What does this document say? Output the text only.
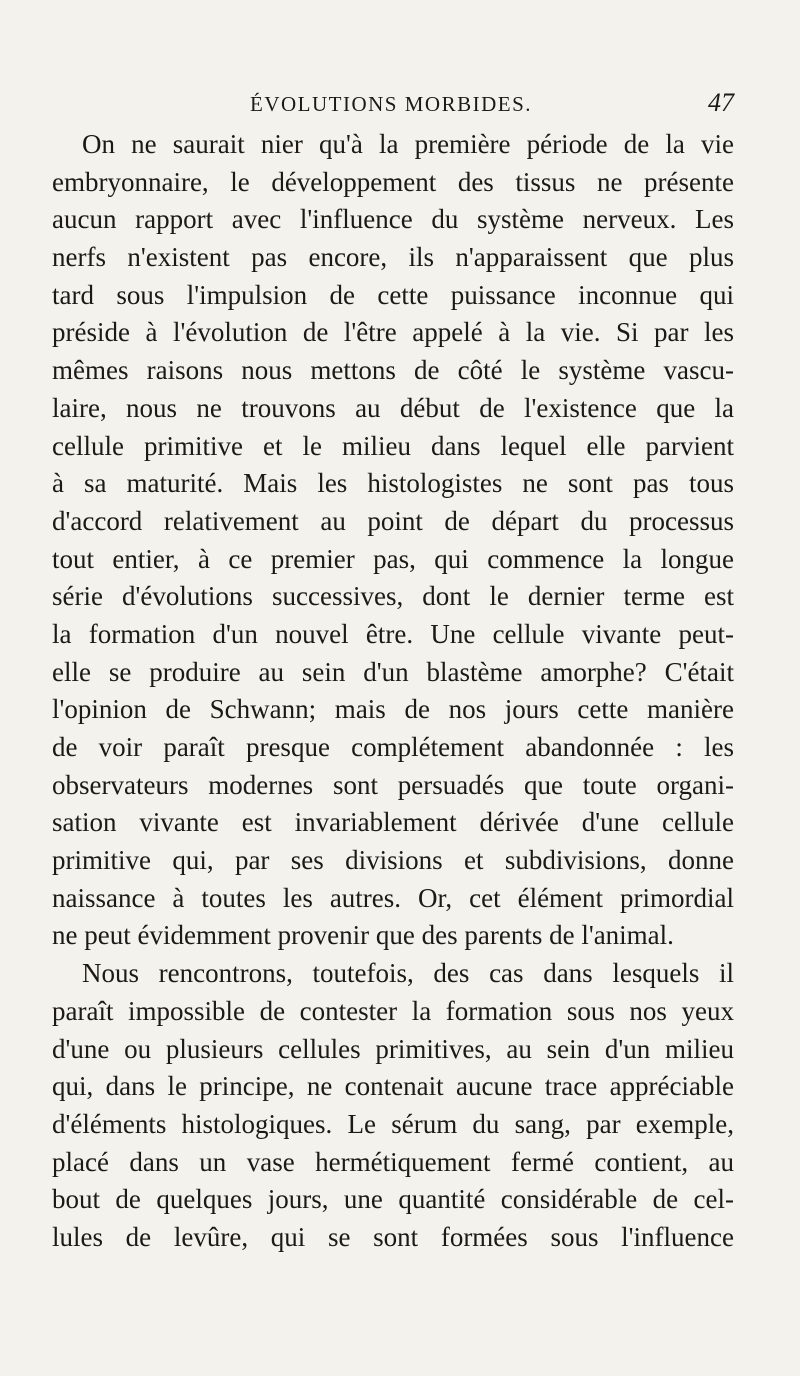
ÉVOLUTIONS MORBIDES.	47
On ne saurait nier qu'à la première période de la vie
embryonnaire, le développement des tissus ne présente
aucun rapport avec l'influence du système nerveux. Les
nerfs n'existent pas encore, ils n'apparaissent que plus
tard sous l'impulsion de cette puissance inconnue qui
préside à l'évolution de l'être appelé à la vie. Si par les
mêmes raisons nous mettons de côté le système vascu-
laire, nous ne trouvons au début de l'existence que la
cellule primitive et le milieu dans lequel elle parvient
à sa maturité. Mais les histologistes ne sont pas tous
d'accord relativement au point de départ du processus
tout entier, à ce premier pas, qui commence la longue
série d'évolutions successives, dont le dernier terme est
la formation d'un nouvel être. Une cellule vivante peut-
elle se produire au sein d'un blastème amorphe? C'était
l'opinion de Schwann; mais de nos jours cette manière
de voir paraît presque complétement abandonnée : les
observateurs modernes sont persuadés que toute organi-
sation vivante est invariablement dérivée d'une cellule
primitive qui, par ses divisions et subdivisions, donne
naissance à toutes les autres. Or, cet élément primordial
ne peut évidemment provenir que des parents de l'animal.
Nous rencontrons, toutefois, des cas dans lesquels il
paraît impossible de contester la formation sous nos yeux
d'une ou plusieurs cellules primitives, au sein d'un milieu
qui, dans le principe, ne contenait aucune trace appréciable
d'éléments histologiques. Le sérum du sang, par exemple,
placé dans un vase hermétiquement fermé contient, au
bout de quelques jours, une quantité considérable de cel-
lules de levûre, qui se sont formées sous l'influence
